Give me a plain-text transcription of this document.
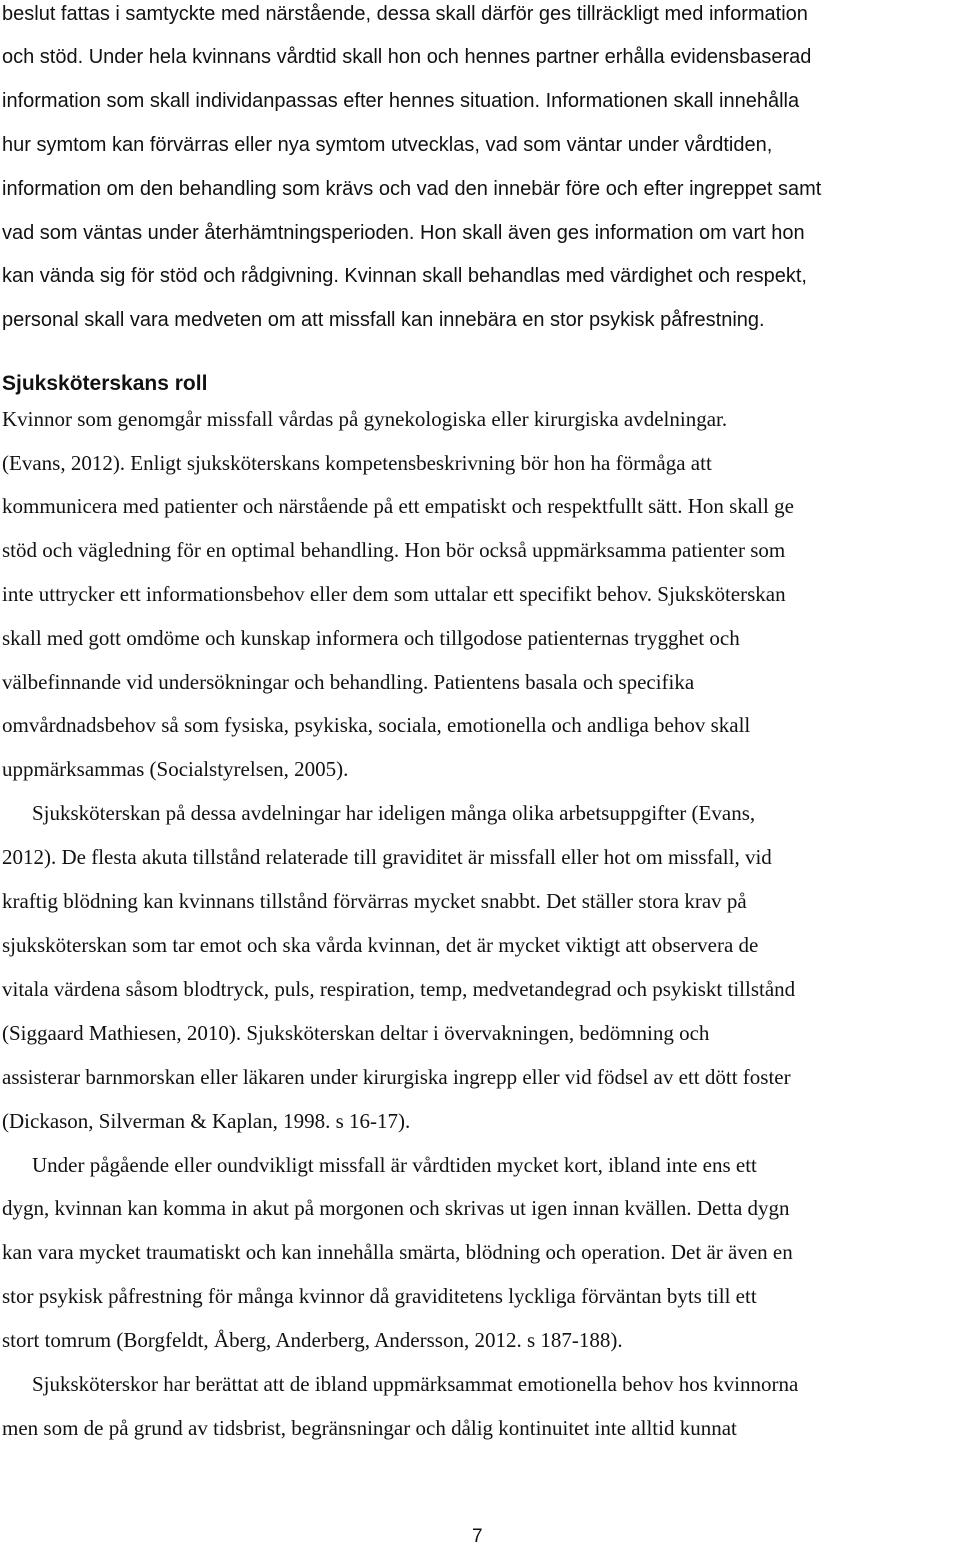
beslut fattas i samtyckte med närstående, dessa skall därför ges tillräckligt med information

och stöd. Under hela kvinnans vårdtid skall hon och hennes partner erhålla evidensbaserad

information som skall individanpassas efter hennes situation. Informationen skall innehålla

hur symtom kan förvärras eller nya symtom utvecklas, vad som väntar under vårdtiden,

information om den behandling som krävs och vad den innebär före och efter ingreppet samt

vad som väntas under återhämtningsperioden. Hon skall även ges information om vart hon

kan vända sig för stöd och rådgivning. Kvinnan skall behandlas med värdighet och respekt,

personal skall vara medveten om att missfall kan innebära en stor psykisk påfrestning.

Sjuksköterskans roll

Kvinnor som genomgår missfall vårdas på gynekologiska eller kirurgiska avdelningar.

(Evans, 2012). Enligt sjuksköterskans kompetensbeskrivning bör hon ha förmåga att

kommunicera med patienter och närstående på ett empatiskt och respektfullt sätt. Hon skall ge

stöd och vägledning för en optimal behandling. Hon bör också uppmärksamma patienter som

inte uttrycker ett informationsbehov eller dem som uttalar ett specifikt behov. Sjuksköterskan

skall med gott omdöme och kunskap informera och tillgodose patienternas trygghet och

välbefinnande vid undersökningar och behandling. Patientens basala och specifika

omvårdnadsbehov så som fysiska, psykiska, sociala, emotionella och andliga behov skall

uppmärksammas (Socialstyrelsen, 2005).

Sjuksköterskan på dessa avdelningar har ideligen många olika arbetsuppgifter (Evans,

2012). De flesta akuta tillstånd relaterade till graviditet är missfall eller hot om missfall, vid

kraftig blödning kan kvinnans tillstånd förvärras mycket snabbt. Det ställer stora krav på

sjuksköterskan som tar emot och ska vårda kvinnan, det är mycket viktigt att observera de

vitala värdena såsom blodtryck, puls, respiration, temp, medvetandegrad och psykiskt tillstånd

(Siggaard Mathiesen, 2010). Sjuksköterskan deltar i övervakningen, bedömning och

assisterar barnmorskan eller läkaren under kirurgiska ingrepp eller vid födsel av ett dött foster

(Dickason, Silverman & Kaplan, 1998. s 16-17).

Under pågående eller oundvikligt missfall är vårdtiden mycket kort, ibland inte ens ett

dygn, kvinnan kan komma in akut på morgonen och skrivas ut igen innan kvällen. Detta dygn

kan vara mycket traumatiskt och kan innehålla smärta, blödning och operation. Det är även en

stor psykisk påfrestning för många kvinnor då graviditetens lyckliga förväntan byts till ett

stort tomrum (Borgfeldt, Åberg, Anderberg, Andersson, 2012. s 187-188).

Sjuksköterskor har berättat att de ibland uppmärksammat emotionella behov hos kvinnorna

men som de på grund av tidsbrist, begränsningar och dålig kontinuitet inte alltid kunnat

7
